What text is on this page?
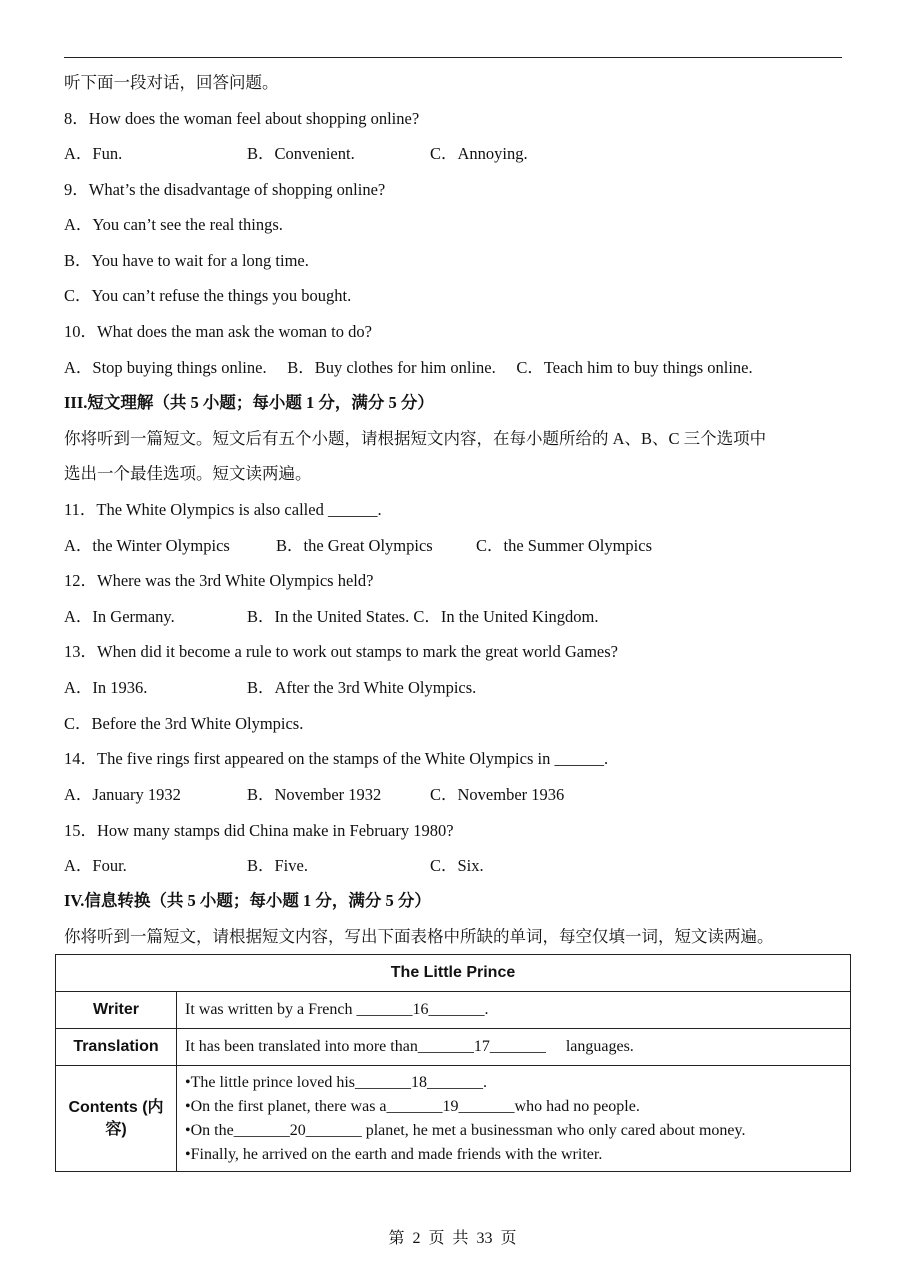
听下面一段对话，回答问题。
8．How does the woman feel about shopping online?
A．Fun.	B．Convenient.	C．Annoying.
9．What’s the disadvantage of shopping online?
A．You can’t see the real things.
B．You have to wait for a long time.
C．You can’t refuse the things you bought.
10．What does the man ask the woman to do?
A．Stop buying things online.     B．Buy clothes for him online.     C．Teach him to buy things online.
III.短文理解（共 5 小题；每小题 1 分，满分 5 分）
你将听到一篇短文。短文后有五个小题，请根据短文内容，在每小题所给的 A、B、C 三个选项中
选出一个最佳选项。短文读两遍。
11．The White Olympics is also called ______.
A．the Winter Olympics	B．the Great Olympics	C．the Summer Olympics
12．Where was the 3rd White Olympics held?
A．In Germany.	B．In the United States. C．In the United Kingdom.
13．When did it become a rule to work out stamps to mark the great world Games?
A．In 1936.	B．After the 3rd White Olympics.
C．Before the 3rd White Olympics.
14．The five rings first appeared on the stamps of the White Olympics in ______.
A．January 1932	B．November 1932	C．November 1936
15．How many stamps did China make in February 1980?
A．Four.	B．Five.	C．Six.
IV.信息转换（共 5 小题；每小题 1 分，满分 5 分）
你将听到一篇短文，请根据短文内容，写出下面表格中所缺的单词，每空仅填一词，短文读两遍。
The Little Prince	
Writer	It was written by a French _______16_______.
Translation	It has been translated into more than_______17_______     languages.
Contents (内容)	•The little prince loved his_______18_______.
•On the first planet, there was a_______19_______who had no people.
•On the_______20_______ planet, he met a businessman who only cared about money.
•Finally, he arrived on the earth and made friends with the writer.
第  2  页  共  33  页
